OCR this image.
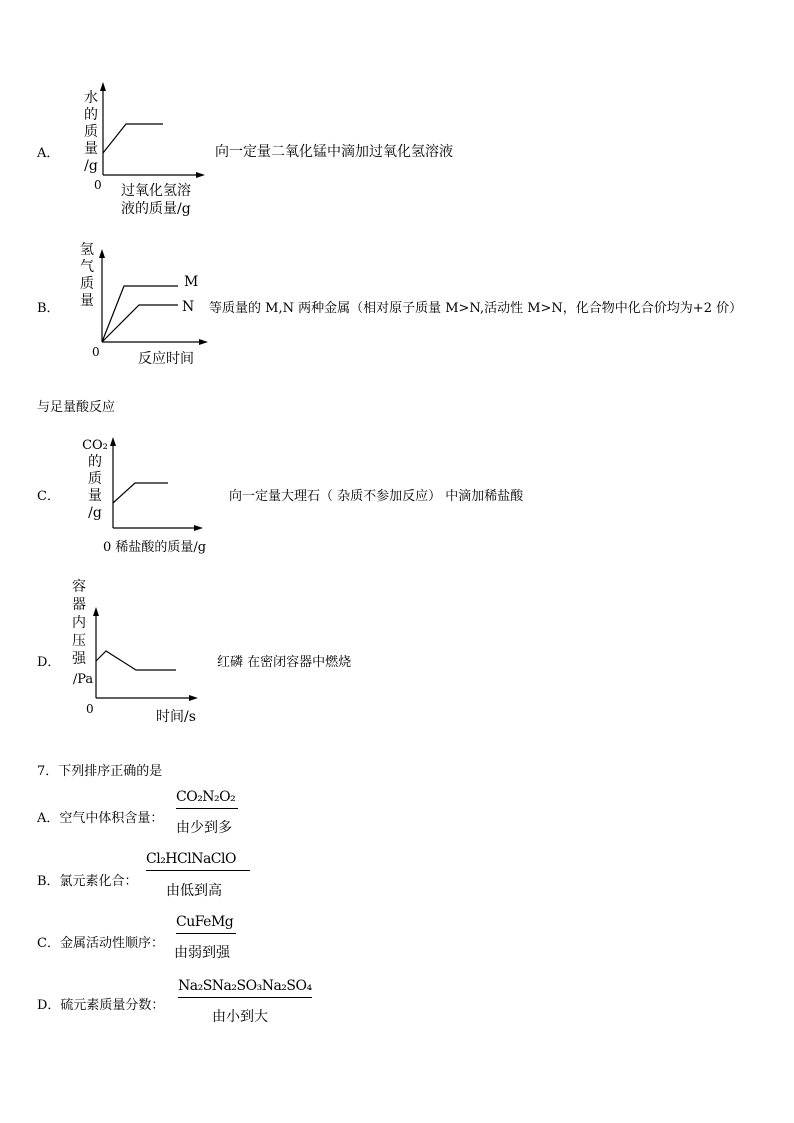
A．
水
的
质
量
/g
0 过氧化氢溶
液的质量/g
向一定量二氧化锰中滴加过氧化氢溶液
B．
氢
气
质
量
M
N
0	反应时间
等质量的 M,N 两种金属（相对原子质量 M>N,活动性 M>N，化合物中化合价均为+2 价）
与足量酸反应
C．
CO₂
的
质
量
/g
0 稀盐酸的质量/g
向一定量大理石（ 杂质不参加反应） 中滴加稀盐酸
D．
容
器
内
压
强
/Pa
0	时间/s
红磷 在密闭容器中燃烧
7．下列排序正确的是
A．空气中体积含量：
CO₂N₂O₂
由少到多
B．氯元素化合：
Cl₂HClNaClO
由低到高
C．金属活动性顺序：
CuFeMg
由弱到强
D．硫元素质量分数：
Na₂SNa₂SO₃Na₂SO₄
由小到大
